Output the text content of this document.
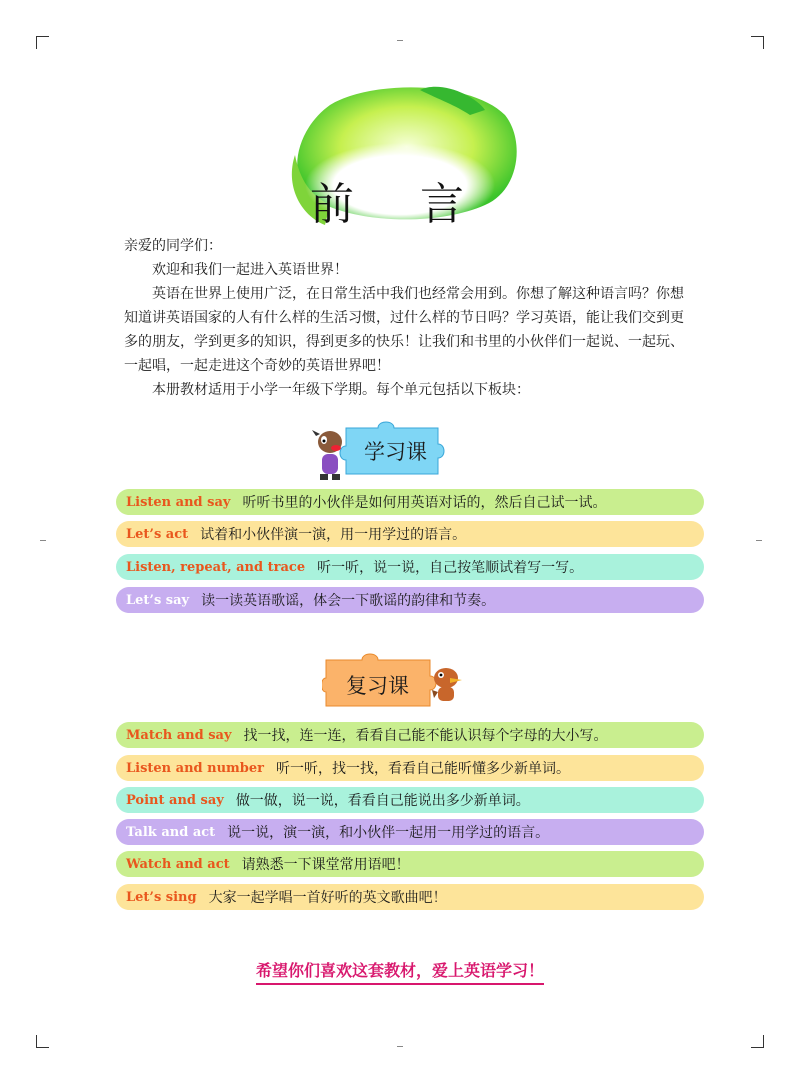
前 言

亲爱的同学们：

欢迎和我们一起进入英语世界！

英语在世界上使用广泛，在日常生活中我们也经常会用到。你想了解这种语言吗？你想知道讲英语国家的人有什么样的生活习惯，过什么样的节日吗？学习英语，能让我们交到更多的朋友，学到更多的知识，得到更多的快乐！让我们和书里的小伙伴们一起说、一起玩、一起唱，一起走进这个奇妙的英语世界吧！

本册教材适用于小学一年级下学期。每个单元包括以下板块：

学习课
Listen and say 听听书里的小伙伴是如何用英语对话的，然后自己试一试。
Let’s act 试着和小伙伴演一演，用一用学过的语言。
Listen, repeat, and trace 听一听，说一说，自己按笔顺试着写一写。
Let’s say 读一读英语歌谣，体会一下歌谣的韵律和节奏。
复习课
Match and say 找一找，连一连，看看自己能不能认识每个字母的大小写。
Listen and number 听一听，找一找，看看自己能听懂多少新单词。
Point and say 做一做，说一说，看看自己能说出多少新单词。
Talk and act 说一说，演一演，和小伙伴一起用一用学过的语言。
Watch and act 请熟悉一下课堂常用语吧！
Let’s sing 大家一起学唱一首好听的英文歌曲吧！
希望你们喜欢这套教材，爱上英语学习！
